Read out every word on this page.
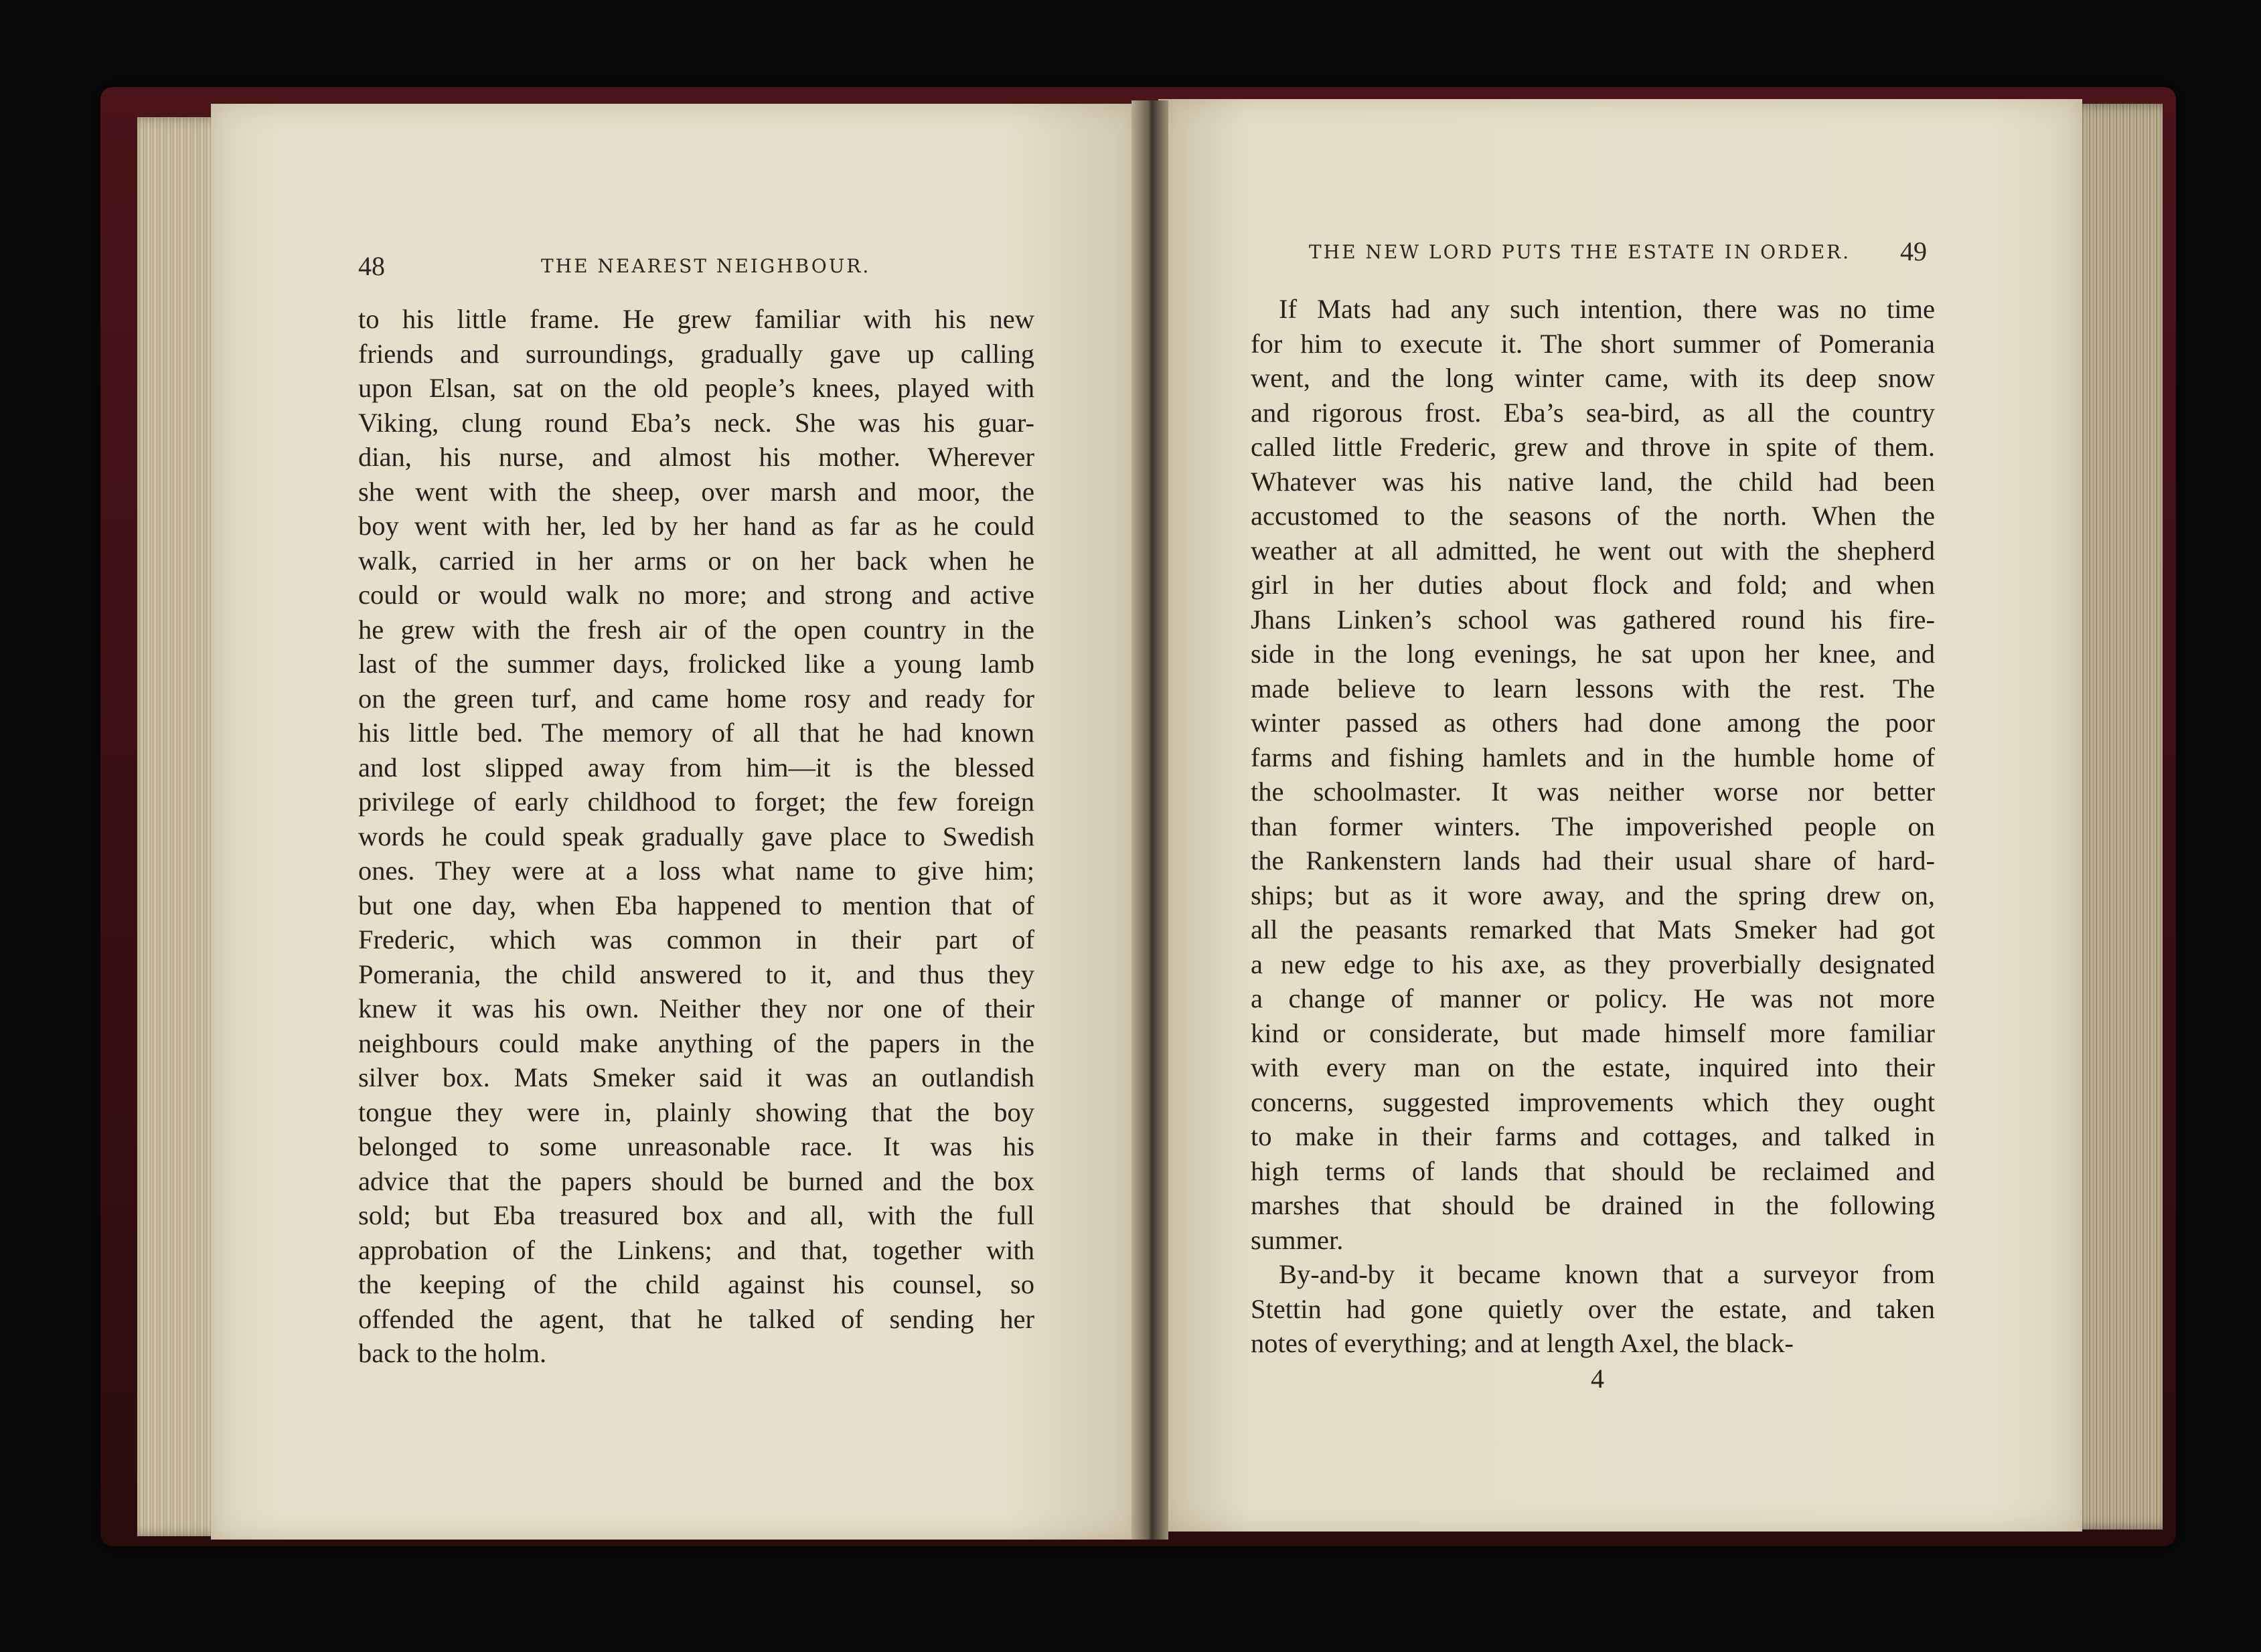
48	THE NEAREST NEIGHBOUR.
to his little frame. He grew familiar with his new
friends and surroundings, gradually gave up calling
upon Elsan, sat on the old people’s knees, played with
Viking, clung round Eba’s neck. She was his guar-
dian, his nurse, and almost his mother. Wherever
she went with the sheep, over marsh and moor, the
boy went with her, led by her hand as far as he could
walk, carried in her arms or on her back when he
could or would walk no more; and strong and active
he grew with the fresh air of the open country in the
last of the summer days, frolicked like a young lamb
on the green turf, and came home rosy and ready for
his little bed. The memory of all that he had known
and lost slipped away from him—it is the blessed
privilege of early childhood to forget; the few foreign
words he could speak gradually gave place to Swedish
ones. They were at a loss what name to give him;
but one day, when Eba happened to mention that of
Frederic, which was common in their part of
Pomerania, the child answered to it, and thus they
knew it was his own. Neither they nor one of their
neighbours could make anything of the papers in the
silver box. Mats Smeker said it was an outlandish
tongue they were in, plainly showing that the boy
belonged to some unreasonable race. It was his
advice that the papers should be burned and the box
sold; but Eba treasured box and all, with the full
approbation of the Linkens; and that, together with
the keeping of the child against his counsel, so
offended the agent, that he talked of sending her
back to the holm.
THE NEW LORD PUTS THE ESTATE IN ORDER. 49
If Mats had any such intention, there was no time
for him to execute it. The short summer of Pomerania
went, and the long winter came, with its deep snow
and rigorous frost. Eba’s sea-bird, as all the country
called little Frederic, grew and throve in spite of them.
Whatever was his native land, the child had been
accustomed to the seasons of the north. When the
weather at all admitted, he went out with the shepherd
girl in her duties about flock and fold; and when
Jhans Linken’s school was gathered round his fire-
side in the long evenings, he sat upon her knee, and
made believe to learn lessons with the rest. The
winter passed as others had done among the poor
farms and fishing hamlets and in the humble home of
the schoolmaster. It was neither worse nor better
than former winters. The impoverished people on
the Rankenstern lands had their usual share of hard-
ships; but as it wore away, and the spring drew on,
all the peasants remarked that Mats Smeker had got
a new edge to his axe, as they proverbially designated
a change of manner or policy. He was not more
kind or considerate, but made himself more familiar
with every man on the estate, inquired into their
concerns, suggested improvements which they ought
to make in their farms and cottages, and talked in
high terms of lands that should be reclaimed and
marshes that should be drained in the following
summer.
By-and-by it became known that a surveyor from
Stettin had gone quietly over the estate, and taken
notes of everything; and at length Axel, the black-
4
